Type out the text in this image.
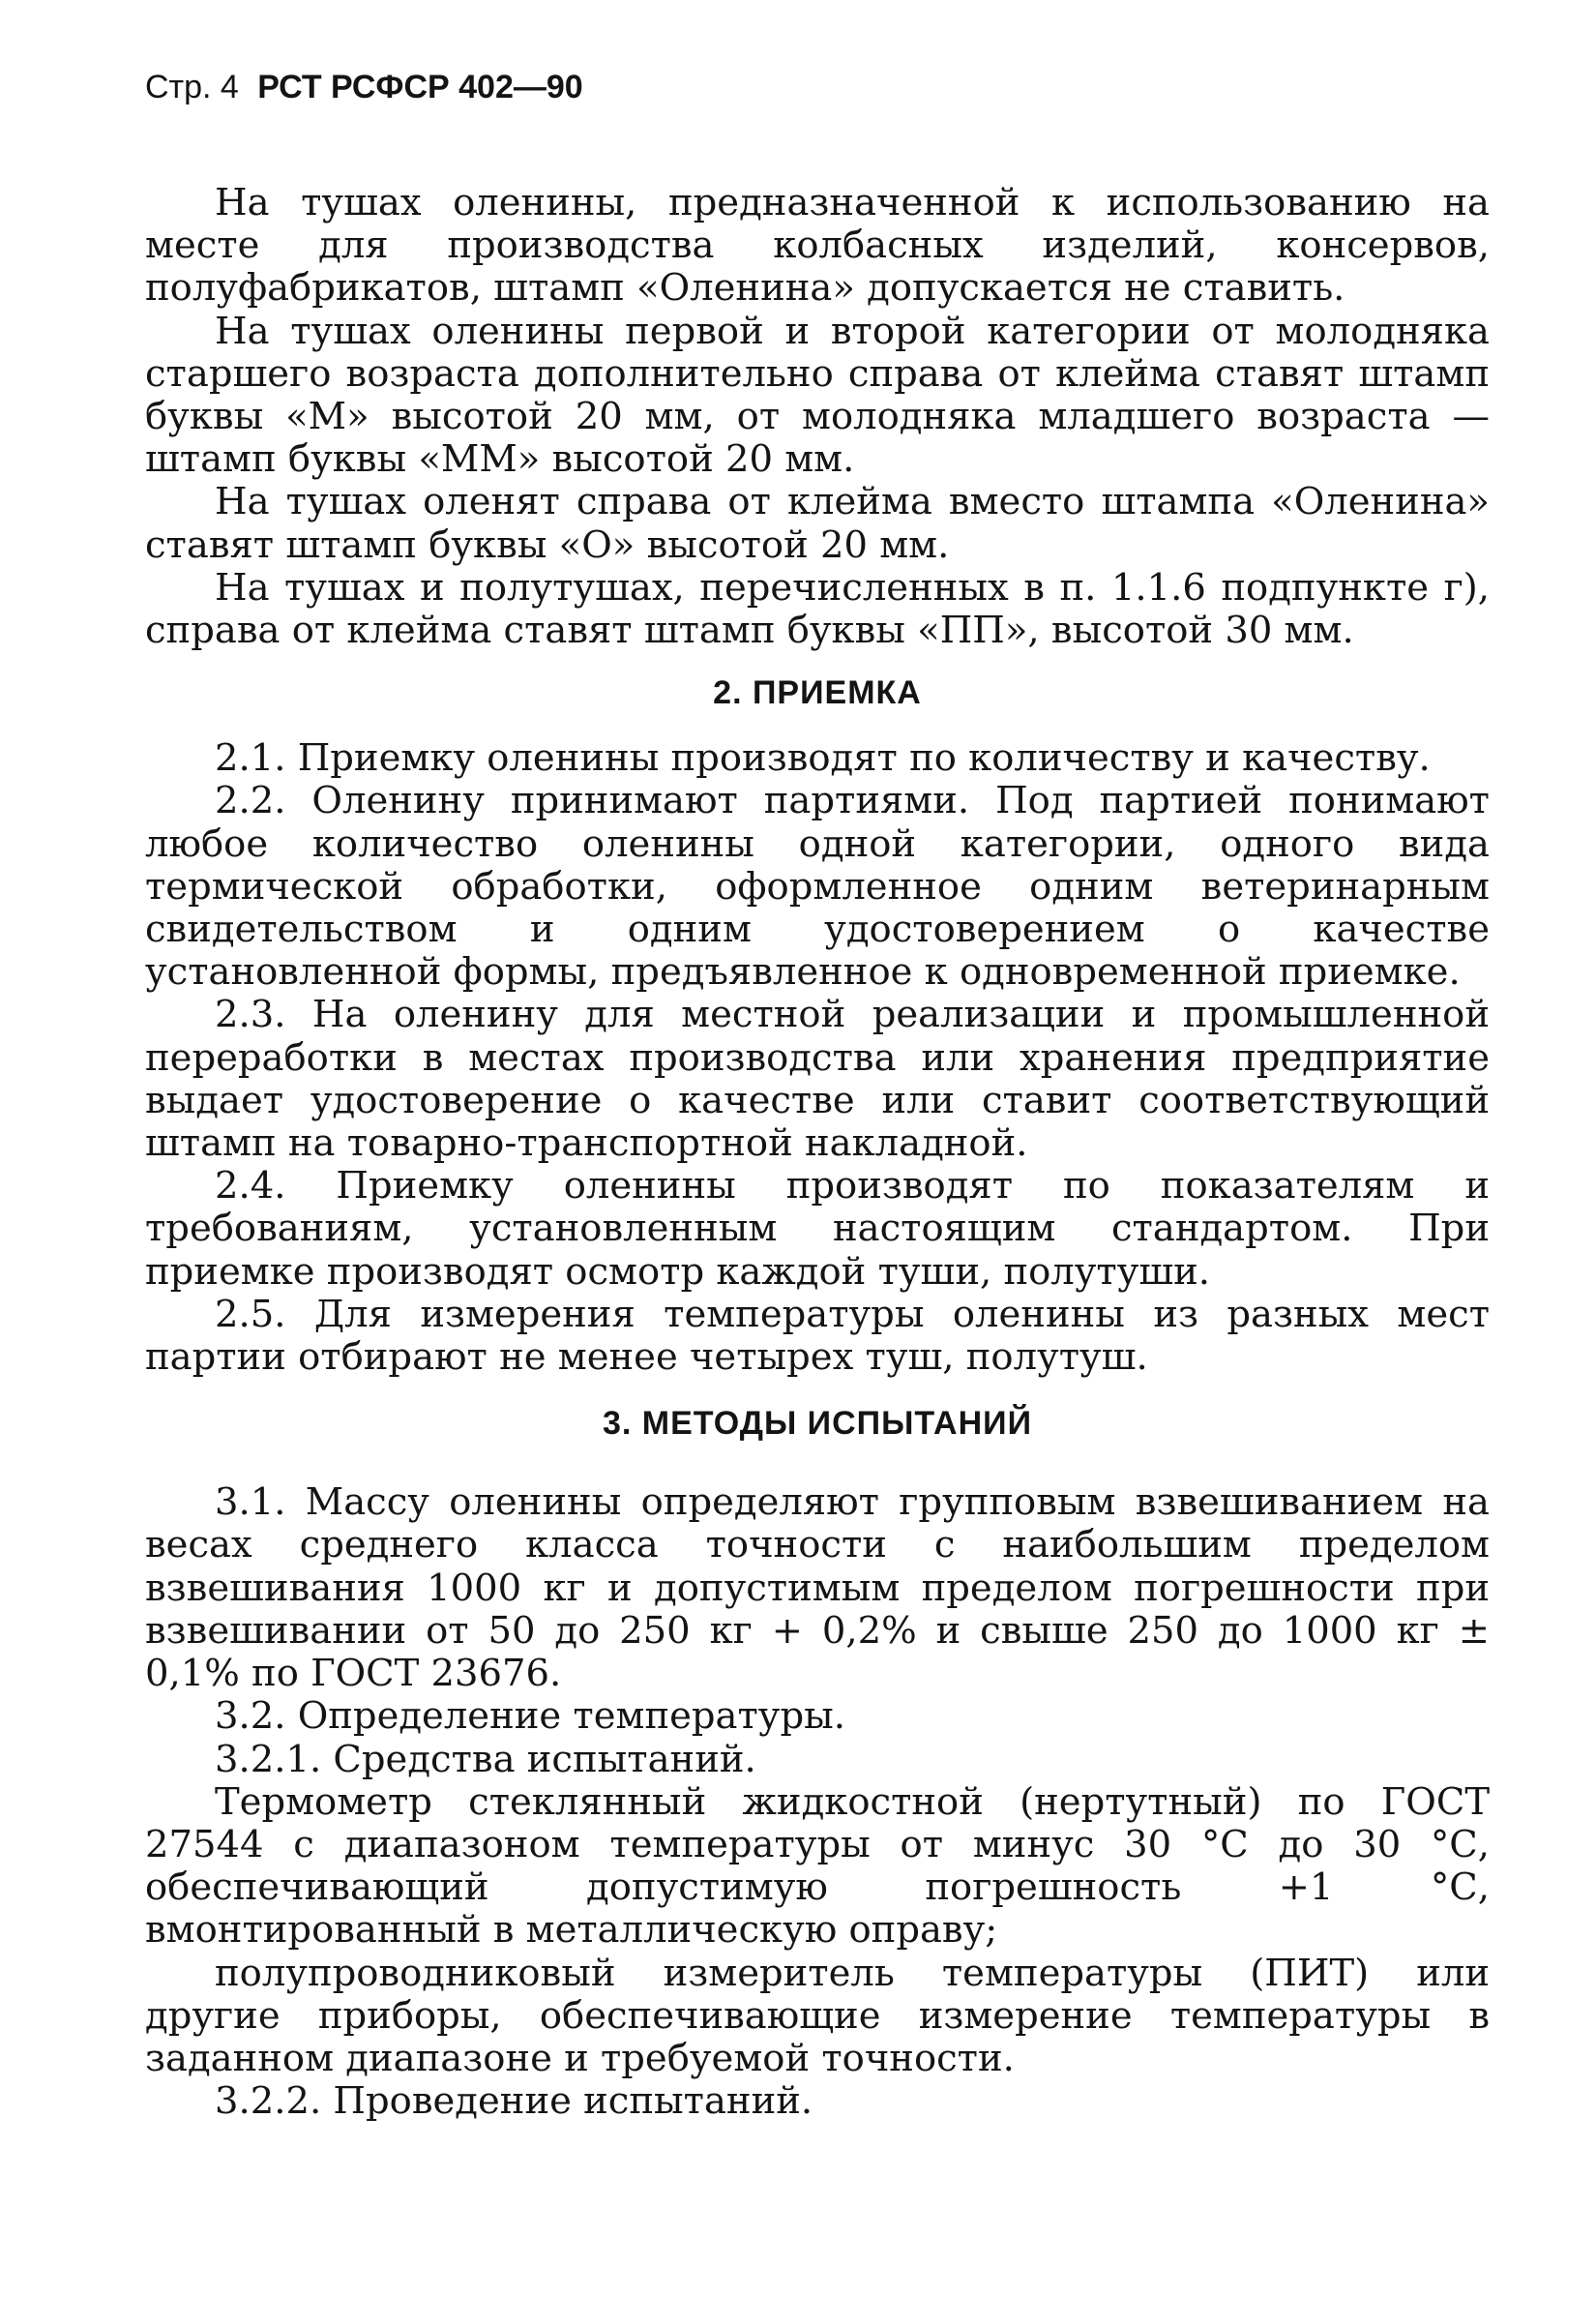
Стр. 4 РСТ РСФСР 402—90

На тушах оленины, предназначенной к использованию на месте для производства колбасных изделий, консервов, полуфабрикатов, штамп «Оленина» допускается не ставить.

На тушах оленины первой и второй категории от молодняка старшего возраста дополнительно справа от клейма ставят штамп буквы «М» высотой 20 мм, от молодняка младшего возраста — штамп буквы «ММ» высотой 20 мм.

На тушах оленят справа от клейма вместо штампа «Оленина» ставят штамп буквы «О» высотой 20 мм.

На тушах и полутушах, перечисленных в п. 1.1.6 подпункте г), справа от клейма ставят штамп буквы «ПП», высотой 30 мм.

2. ПРИЕМКА

2.1. Приемку оленины производят по количеству и качеству.

2.2. Оленину принимают партиями. Под партией понимают любое количество оленины одной категории, одного вида термической обработки, оформленное одним ветеринарным свидетельством и одним удостоверением о качестве установленной формы, предъявленное к одновременной приемке.

2.3. На оленину для местной реализации и промышленной переработки в местах производства или хранения предприятие выдает удостоверение о качестве или ставит соответствующий штамп на товарно-транспортной накладной.

2.4. Приемку оленины производят по показателям и требованиям, установленным настоящим стандартом. При приемке производят осмотр каждой туши, полутуши.

2.5. Для измерения температуры оленины из разных мест партии отбирают не менее четырех туш, полутуш.

3. МЕТОДЫ ИСПЫТАНИЙ

3.1. Массу оленины определяют групповым взвешиванием на весах среднего класса точности с наибольшим пределом взвешивания 1000 кг и допустимым пределом погрешности при взвешивании от 50 до 250 кг + 0,2% и свыше 250 до 1000 кг ± 0,1% по ГОСТ 23676.

3.2. Определение температуры.

3.2.1. Средства испытаний.

Термометр стеклянный жидкостной (нертутный) по ГОСТ 27544 с диапазоном температуры от минус 30 °С до 30 °С, обеспечивающий допустимую погрешность +1 °С, вмонтированный в металлическую оправу;

полупроводниковый измеритель температуры (ПИТ) или другие приборы, обеспечивающие измерение температуры в заданном диапазоне и требуемой точности.

3.2.2. Проведение испытаний.
